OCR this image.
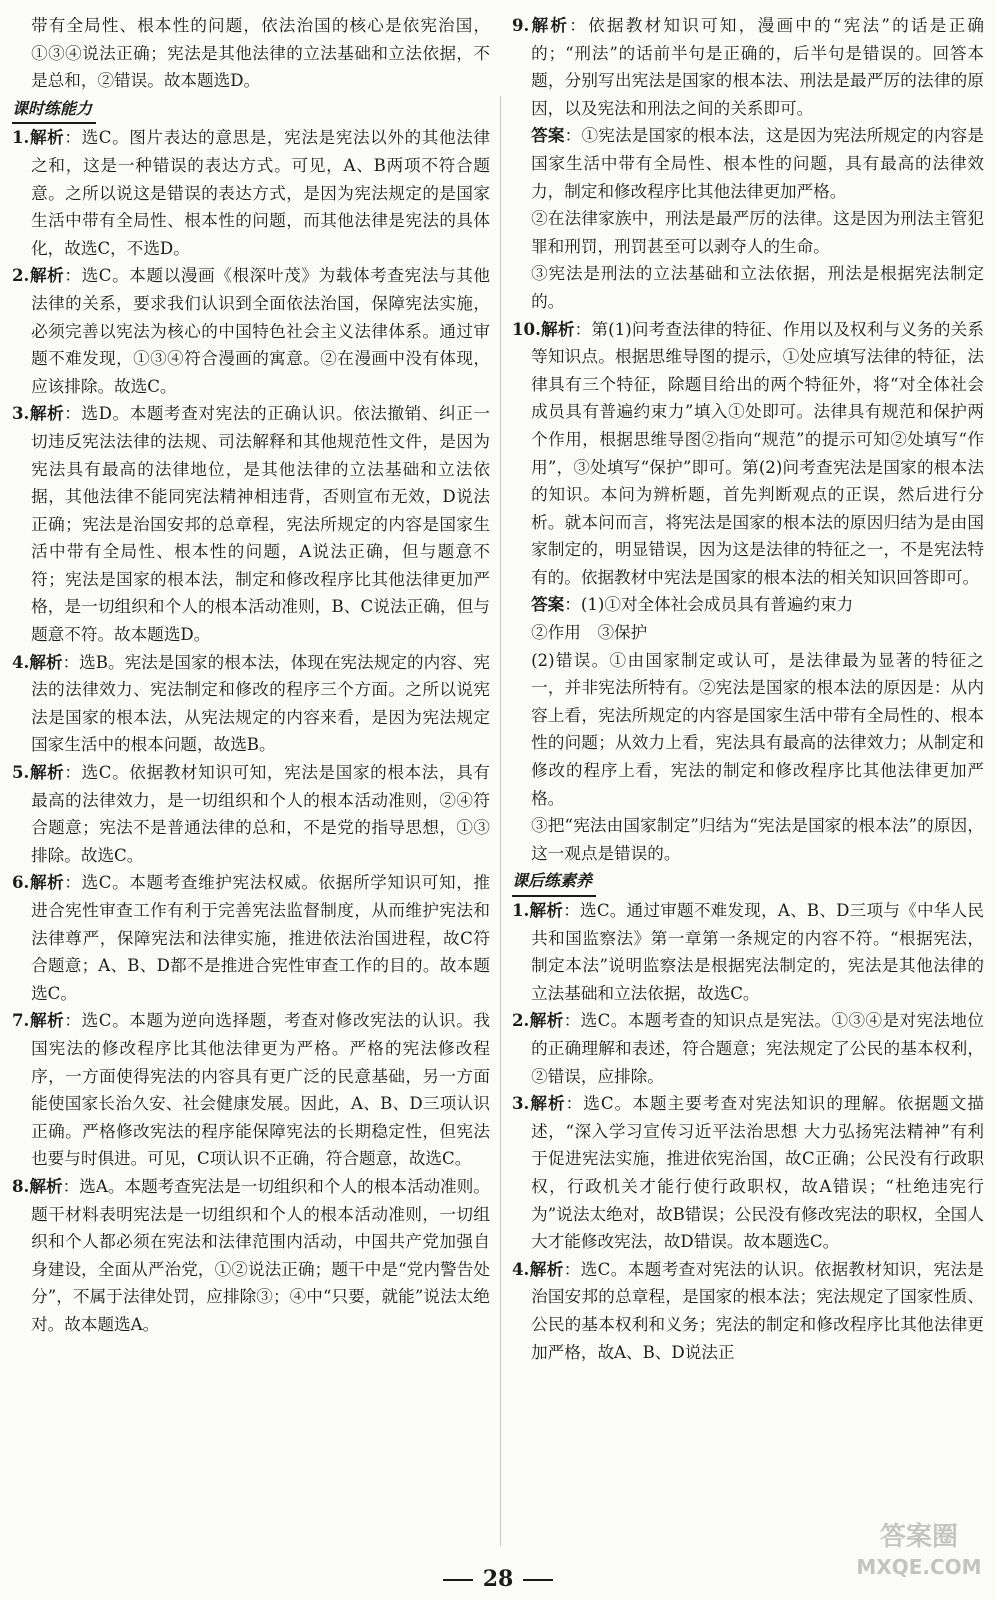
带有全局性、根本性的问题，依法治国的核心是依宪治国，①③④说法正确；宪法是其他法律的立法基础和立法依据，不是总和，②错误。故本题选D。

课时练能力

1.解析：选C。图片表达的意思是，宪法是宪法以外的其他法律之和，这是一种错误的表达方式。可见，A、B两项不符合题意。之所以说这是错误的表达方式，是因为宪法规定的是国家生活中带有全局性、根本性的问题，而其他法律是宪法的具体化，故选C，不选D。

2.解析：选C。本题以漫画《根深叶茂》为载体考查宪法与其他法律的关系，要求我们认识到全面依法治国，保障宪法实施，必须完善以宪法为核心的中国特色社会主义法律体系。通过审题不难发现，①③④符合漫画的寓意。②在漫画中没有体现，应该排除。故选C。

3.解析：选D。本题考查对宪法的正确认识。依法撤销、纠正一切违反宪法法律的法规、司法解释和其他规范性文件，是因为宪法具有最高的法律地位，是其他法律的立法基础和立法依据，其他法律不能同宪法精神相违背，否则宣布无效，D说法正确；宪法是治国安邦的总章程，宪法所规定的内容是国家生活中带有全局性、根本性的问题，A说法正确，但与题意不符；宪法是国家的根本法，制定和修改程序比其他法律更加严格，是一切组织和个人的根本活动准则，B、C说法正确，但与题意不符。故本题选D。

4.解析：选B。宪法是国家的根本法，体现在宪法规定的内容、宪法的法律效力、宪法制定和修改的程序三个方面。之所以说宪法是国家的根本法，从宪法规定的内容来看，是因为宪法规定国家生活中的根本问题，故选B。

5.解析：选C。依据教材知识可知，宪法是国家的根本法，具有最高的法律效力，是一切组织和个人的根本活动准则，②④符合题意；宪法不是普通法律的总和，不是党的指导思想，①③排除。故选C。

6.解析：选C。本题考查维护宪法权威。依据所学知识可知，推进合宪性审查工作有利于完善宪法监督制度，从而维护宪法和法律尊严，保障宪法和法律实施，推进依法治国进程，故C符合题意；A、B、D都不是推进合宪性审查工作的目的。故本题选C。

7.解析：选C。本题为逆向选择题，考查对修改宪法的认识。我国宪法的修改程序比其他法律更为严格。严格的宪法修改程序，一方面使得宪法的内容具有更广泛的民意基础，另一方面能使国家长治久安、社会健康发展。因此，A、B、D三项认识正确。严格修改宪法的程序能保障宪法的长期稳定性，但宪法也要与时俱进。可见，C项认识不正确，符合题意，故选C。

8.解析：选A。本题考查宪法是一切组织和个人的根本活动准则。题干材料表明宪法是一切组织和个人的根本活动准则，一切组织和个人都必须在宪法和法律范围内活动，中国共产党加强自身建设，全面从严治党，①②说法正确；题干中是“党内警告处分”，不属于法律处罚，应排除③；④中“只要，就能”说法太绝对。故本题选A。

9.解析：依据教材知识可知，漫画中的“宪法”的话是正确的；“刑法”的话前半句是正确的，后半句是错误的。回答本题，分别写出宪法是国家的根本法、刑法是最严厉的法律的原因，以及宪法和刑法之间的关系即可。

答案：①宪法是国家的根本法，这是因为宪法所规定的内容是国家生活中带有全局性、根本性的问题，具有最高的法律效力，制定和修改程序比其他法律更加严格。

②在法律家族中，刑法是最严厉的法律。这是因为刑法主管犯罪和刑罚，刑罚甚至可以剥夺人的生命。

③宪法是刑法的立法基础和立法依据，刑法是根据宪法制定的。

10.解析：第(1)问考查法律的特征、作用以及权利与义务的关系等知识点。根据思维导图的提示，①处应填写法律的特征，法律具有三个特征，除题目给出的两个特征外，将“对全体社会成员具有普遍约束力”填入①处即可。法律具有规范和保护两个作用，根据思维导图②指向“规范”的提示可知②处填写“作用”，③处填写“保护”即可。第(2)问考查宪法是国家的根本法的知识。本问为辨析题，首先判断观点的正误，然后进行分析。就本问而言，将宪法是国家的根本法的原因归结为是由国家制定的，明显错误，因为这是法律的特征之一，不是宪法特有的。依据教材中宪法是国家的根本法的相关知识回答即可。

答案：(1)①对全体社会成员具有普遍约束力

②作用　③保护

(2)错误。①由国家制定或认可，是法律最为显著的特征之一，并非宪法所特有。②宪法是国家的根本法的原因是：从内容上看，宪法所规定的内容是国家生活中带有全局性的、根本性的问题；从效力上看，宪法具有最高的法律效力；从制定和修改的程序上看，宪法的制定和修改程序比其他法律更加严格。

③把“宪法由国家制定”归结为“宪法是国家的根本法”的原因，这一观点是错误的。

课后练素养

1.解析：选C。通过审题不难发现，A、B、D三项与《中华人民共和国监察法》第一章第一条规定的内容不符。“根据宪法，制定本法”说明监察法是根据宪法制定的，宪法是其他法律的立法基础和立法依据，故选C。

2.解析：选C。本题考查的知识点是宪法。①③④是对宪法地位的正确理解和表述，符合题意；宪法规定了公民的基本权利，②错误，应排除。

3.解析：选C。本题主要考查对宪法知识的理解。依据题文描述，“深入学习宣传习近平法治思想 大力弘扬宪法精神”有利于促进宪法实施，推进依宪治国，故C正确；公民没有行政职权，行政机关才能行使行政职权，故A错误；“杜绝违宪行为”说法太绝对，故B错误；公民没有修改宪法的职权，全国人大才能修改宪法，故D错误。故本题选C。

4.解析：选C。本题考查对宪法的认识。依据教材知识，宪法是治国安邦的总章程，是国家的根本法；宪法规定了国家性质、公民的基本权利和义务；宪法的制定和修改程序比其他法律更加严格，故A、B、D说法正

28
答案圈
MXQE.COM
